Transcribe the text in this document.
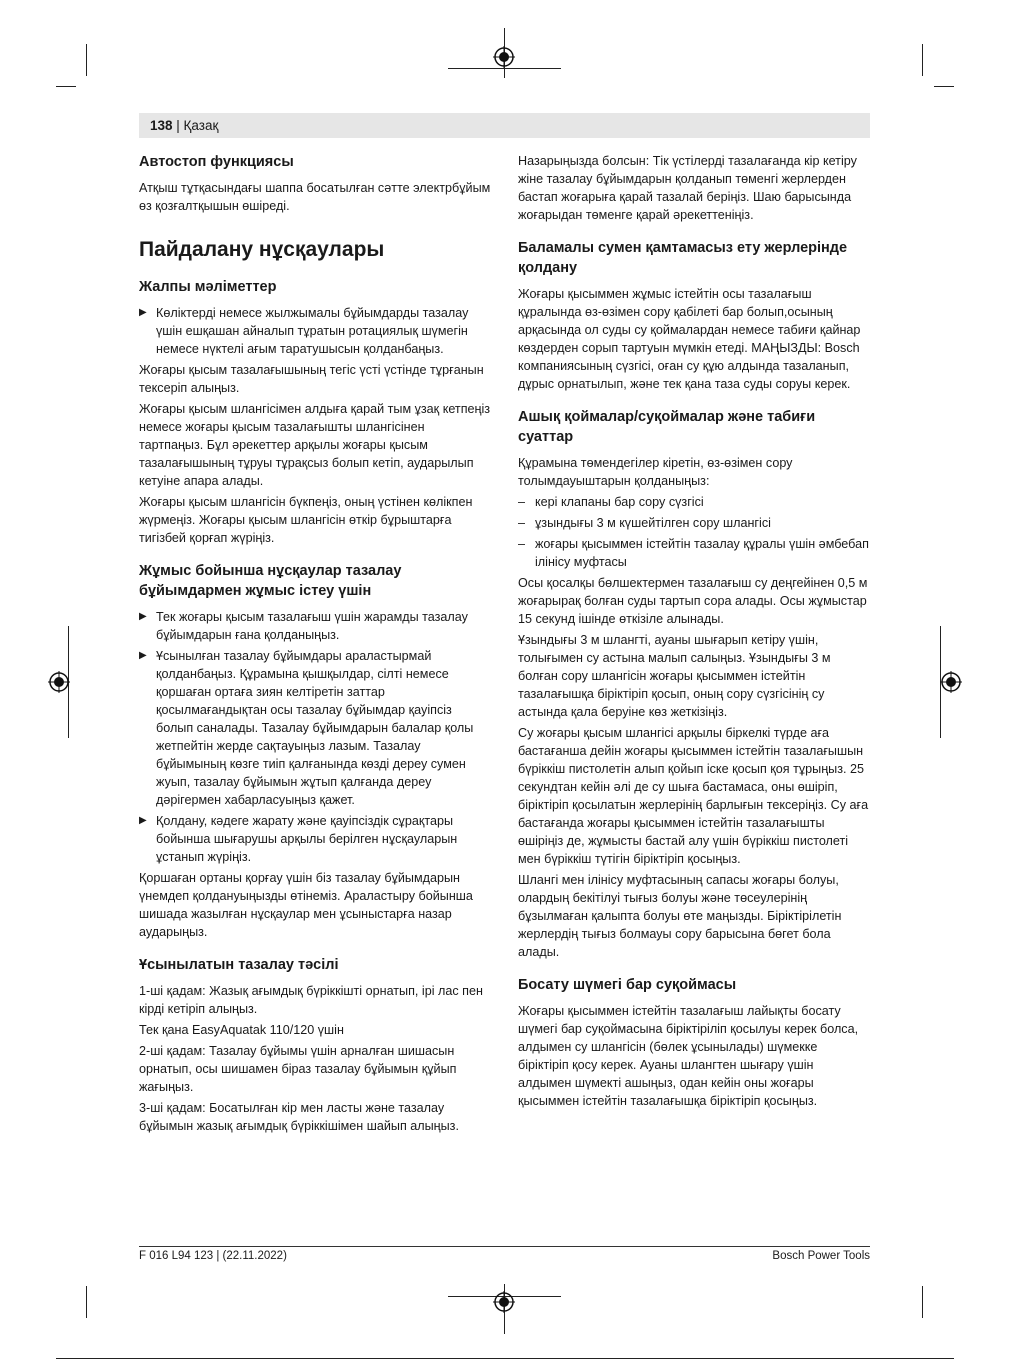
138 | Қазақ
Автостоп функциясы

Атқыш тұтқасындағы шаппа босатылған сәтте электрбұйым өз қозғалтқышын өшіреді.

Пайдалану нұсқаулары
Жалпы мәліметтер
▶ Көліктерді немесе жылжымалы бұйымдарды тазалау үшін ешқашан айналып тұратын ротациялық шүмегін немесе нүктелі ағым таратушысын қолданбаңыз.

Жоғары қысым тазалағышының тегіс үсті үстінде тұрғанын тексеріп алыңыз.

Жоғары қысым шлангісімен алдыға қарай тым ұзақ кетпеңіз немесе жоғары қысым тазалағышты шлангісінен тартпаңыз. Бұл әрекеттер арқылы жоғары қысым тазалағышының тұруы тұрақсыз болып кетіп, аударылып кетуіне апара алады.

Жоғары қысым шлангісін бүкпеңіз, оның үстінен көлікпен жүрмеңіз. Жоғары қысым шлангісін өткір бұрыштарға тигізбей қорғап жүріңіз.

Жұмыс бойынша нұсқаулар тазалау бұйымдармен жұмыс істеу үшін
▶ Тек жоғары қысым тазалағыш үшін жарамды тазалау бұйымдарын ғана қолданыңыз.
▶ Ұсынылған тазалау бұйымдары араластырмай қолданбаңыз. Құрамына қышқылдар, сілті немесе қоршаған ортаға зиян келтіретін заттар қосылмағандықтан осы тазалау бұйымдар қауіпсіз болып саналады. Тазалау бұйымдарын балалар қолы жетпейтін жерде сақтауыңыз лазым. Тазалау бұйымының көзге тиіп қалғанында көзді дереу сумен жуып, тазалау бұйымын жұтып қалғанда дереу дәрігермен хабарласуыңыз қажет.
▶ Қолдану, кәдеге жарату және қауіпсіздік сұрақтары бойынша шығарушы арқылы берілген нұсқауларын ұстанып жүріңіз.

Қоршаған ортаны қорғау үшін біз тазалау бұйымдарын үнемдеп қолдануыңызды өтінеміз. Араластыру бойынша шишада жазылған нұсқаулар мен ұсыныстарға назар аударыңыз.

Ұсынылатын тазалау тәсілі

1-ші қадам: Жазық ағымдық бүріккішті орнатып, ірі лас пен кірді кетіріп алыңыз.

Тек қана EasyAquatak 110/120 үшін

2-ші қадам: Тазалау бұйымы үшін арналған шишасын орнатып, осы шишамен біраз тазалау бұйымын құйып жағыңыз.

3-ші қадам: Босатылған кір мен ласты және тазалау бұйымын жазық ағымдық бүріккішімен шайып алыңыз.

Назарыңызда болсын: Тік үстілерді тазалағанда кір кетіру жіне тазалау бұйымдарын қолданып төменгі жерлерден бастап жоғарыға қарай тазалай беріңіз. Шаю барысында жоғарыдан төменге қарай әрекеттеніңіз.

Баламалы сумен қамтамасыз ету жерлерінде қолдану

Жоғары қысыммен жұмыс істейтін осы тазалағыш құралында өз-өзімен сору қабілеті бар болып,осының арқасында ол суды су қоймалардан немесе табиғи қайнар көздерден сорып тартуын мүмкін етеді. МАҢЫЗДЫ: Bosch компаниясының сүзгісі, оған су құю алдында тазаланып, дұрыс орнатылып, және тек қана таза суды соруы керек.

Ашық қоймалар/суқоймалар және табиғи суаттар

Құрамына төмендегілер кіретін, өз-өзімен сору толымдауыштарын қолданыңыз:

– кері клапаны бар сору сүзгісі
– ұзындығы 3 м күшейтілген сору шлангісі
– жоғары қысыммен істейтін тазалау құралы үшін әмбебап ілінісу муфтасы

Осы қосалқы бөлшектермен тазалағыш су деңгейінен 0,5 м жоғарырақ болған суды тартып сора алады. Осы жұмыстар 15 секунд ішінде өткізіле алынады.

Ұзындығы 3 м шлангті, ауаны шығарып кетіру үшін, толығымен су астына малып салыңыз. Ұзындығы 3 м болған сору шлангісін жоғары қысыммен істейтін тазалағышқа біріктіріп қосып, оның сору сүзгісінің су астында қала беруіне көз жеткізіңіз.

Су жоғары қысым шлангісі арқылы біркелкі түрде аға бастағанша дейін жоғары қысыммен істейтін тазалағышын бүріккіш пистолетін алып қойып іске қосып қоя тұрыңыз. 25 секундтан кейін әлі де су шыға бастамаса, оны өшіріп, біріктіріп қосылатын жерлерінің барлығын тексеріңіз. Су аға бастағанда жоғары қысыммен істейтін тазалағышты өшіріңіз де, жұмысты бастай алу үшін бүріккіш пистолеті мен бүріккіш түтігін біріктіріп қосыңыз.

Шлангі мен ілінісу муфтасының сапасы жоғары болуы, олардың бекітілуі тығыз болуы және төсеулерінің бұзылмаған қалыпта болуы өте маңызды. Біріктірілетін жерлердің тығыз болмауы сору барысына бөгет бола алады.

Босату шүмегі бар суқоймасы

Жоғары қысыммен істейтін тазалағыш лайықты босату шүмегі бар суқоймасына біріктіріліп қосылуы керек болса, алдымен су шлангісін (бөлек ұсынылады) шүмекке біріктіріп қосу керек. Ауаны шлангтен шығару үшін алдымен шүмекті ашыңыз, одан кейін оны жоғары қысыммен істейтін тазалағышқа біріктіріп қосыңыз.

F 016 L94 123 | (22.11.2022)	Bosch Power Tools
